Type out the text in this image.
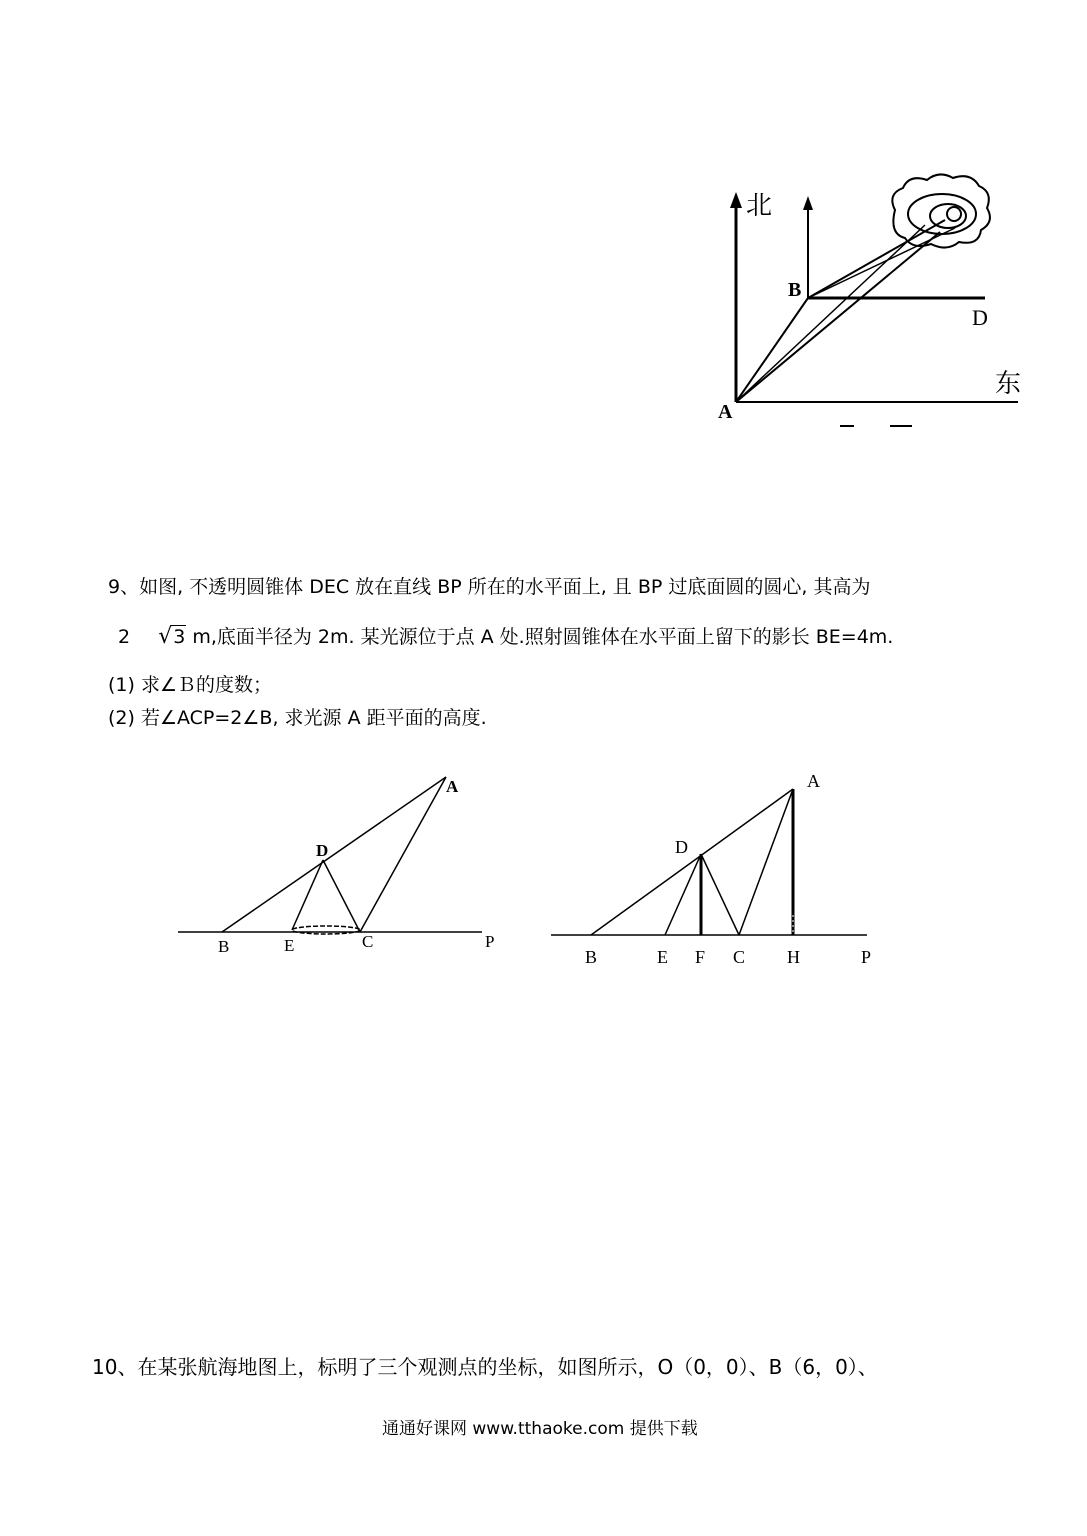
北
东
A
B
D
9、如图, 不透明圆锥体 DEC 放在直线 BP 所在的水平面上, 且 BP 过底面圆的圆心, 其高为
2  √ 3 m,底面半径为 2m. 某光源位于点 A 处.照射圆锥体在水平面上留下的影长 BE=4m.
(1) 求∠Ｂ的度数；
(2) 若∠ACP=2∠B, 求光源 A 距平面的高度.
A
B	C
D
E	P
A
B	C
D
E F	H	P
10、在某张航海地图上，标明了三个观测点的坐标，如图所示，O（0，0）、B（6，0）、
通通好课网 www.tthaoke.com 提供下载
